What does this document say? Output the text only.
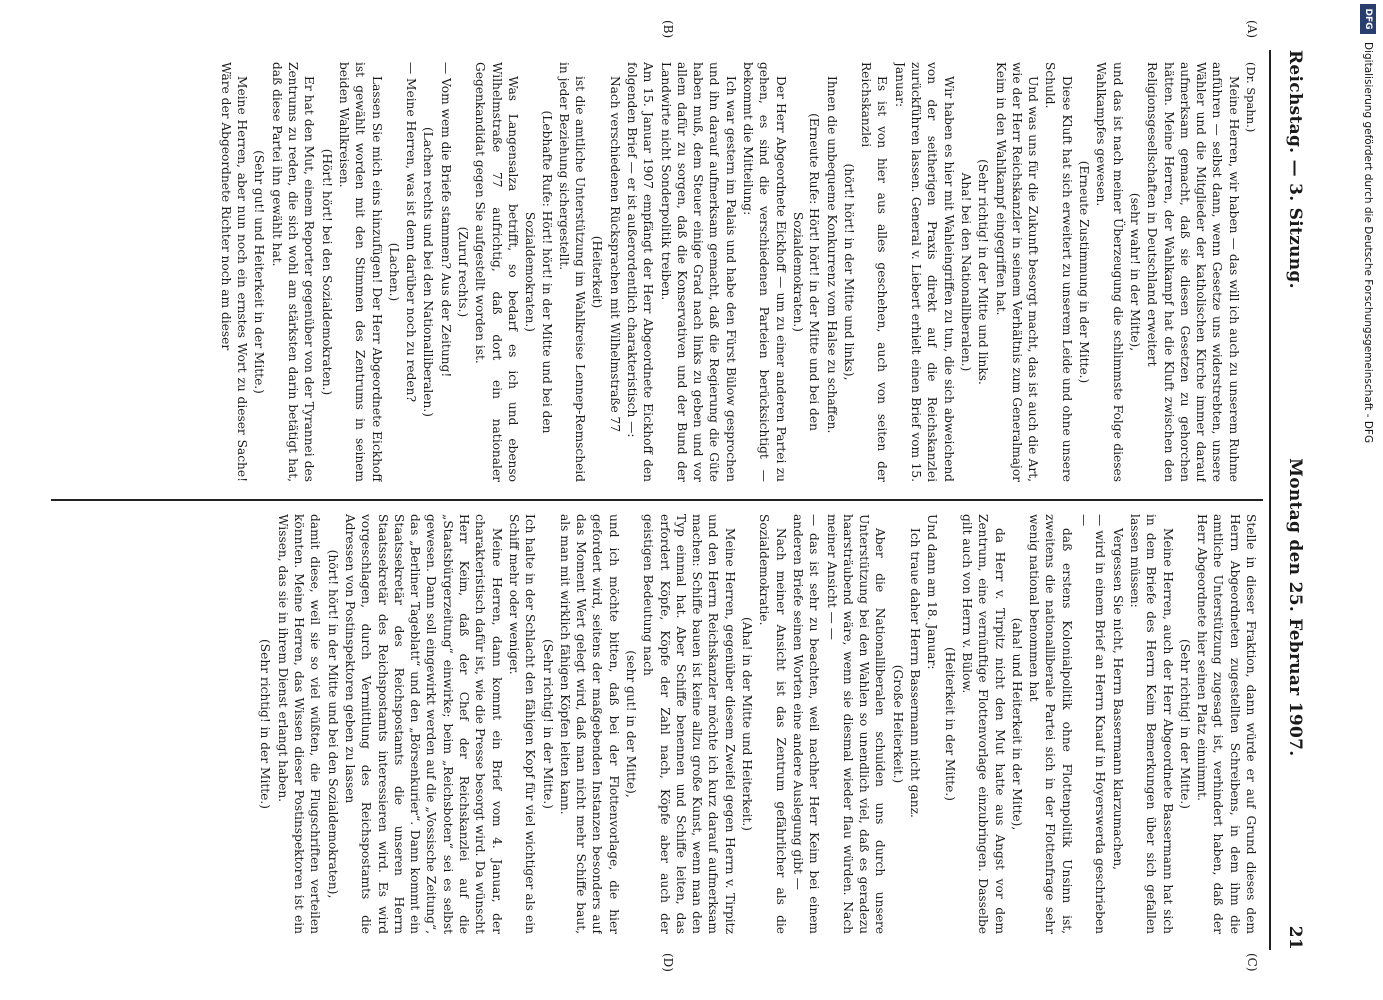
DFG
Digitalisierung gefördert durch die Deutsche Forschungsgemeinschaft - DFG
Reichstag. — 3. Sitzung.
Montag den 25. Februar 1907.
21
(A)
(B)
(C)
(D)

(Dr. Spahn.)

Meine Herren, wir haben — das will ich auch zu unserem Ruhme anführen — selbst dann, wenn Gesetze uns widerstrebten, unsere Wähler und die Mitglieder der katholischen Kirche immer darauf aufmerksam gemacht, daß sie diesen Gesetzen zu gehorchen hätten. Meine Herren, der Wahlkampf hat die Kluft zwischen den Religionsgesellschaften in Deutschland erweitert

(sehr wahr! in der Mitte),

und das ist nach meiner Überzeugung die schlimmste Folge dieses Wahlkampfes gewesen.

(Erneute Zustimmung in der Mitte.)

Diese Kluft hat sich erweitert zu unserem Leide und ohne unsere Schuld.

Und was uns für die Zukunft besorgt macht, das ist auch die Art, wie der Herr Reichskanzler in seinem Verhältnis zum Generalmajor Keim in den Wahlkampf eingegriffen hat.

(Sehr richtig! in der Mitte und links.

Aha! bei den Nationalliberalen.)

Wir haben es hier mit Wahleingriffen zu tun, die sich abweichend von der seitherigen Praxis direkt auf die Reichskanzlei zurückführen lassen. General v. Liebert erhielt einen Brief vom 15. Januar:

Es ist von hier aus alles geschehen, auch von seiten der Reichskanzlei

(hört! hört! in der Mitte und links),

Ihnen die unbequeme Konkurrenz vom Halse zu schaffen.

(Erneute Rufe: Hört! hört! in der Mitte und bei den Sozialdemokraten.)

Der Herr Abgeordnete Eickhoff — um zu einer anderen Partei zu gehen, es sind die verschiedenen Parteien berücksichtigt — bekommt die Mitteilung:

Ich war gestern im Palais und habe den Fürst Bülow gesprochen und ihn darauf aufmerksam gemacht, daß die Regierung die Güte haben muß, dem Steuer einige Grad nach links zu geben und vor allem dafür zu sorgen, daß die Konservativen und der Bund der Landwirte nicht Sonderpolitik treiben.

Am 15. Januar 1907 empfängt der Herr Abgeordnete Eickhoff den folgenden Brief — er ist außerordentlich charakteristisch —:

Nach verschiedenen Rücksprachen mit Wilhelmstraße 77

(Heiterkeit)

ist die amtliche Unterstützung im Wahlkreise Lennep-Remscheid in jeder Beziehung sichergestellt.

(Lebhafte Rufe: Hört! hört! in der Mitte und bei den Sozialdemokraten.)

Was Langensalza betrifft, so bedarf es ich und ebenso Wilhelmstraße 77 aufrichtig, daß dort ein nationaler Gegenkandidat gegen Sie aufgestellt worden ist.

(Zuruf rechts.)

— Vom wem die Briefe stammen? Aus der Zeitung!

(Lachen rechts und bei den Nationalliberalen.)

— Meine Herren, was ist denn darüber noch zu reden?

(Lachen.)

Lassen Sie mich eins hinzufügen! Der Herr Abgeordnete Eickhoff ist gewählt worden mit den Stimmen des Zentrums in seinem beiden Wahlkreisen.

(Hört! hört! bei den Sozialdemokraten.)

Er hat den Mut, einem Reporter gegenüber von der Tyrannei des Zentrums zu reden, die sich wohl am stärksten darin betätigt hat, daß diese Partei ihn gewählt hat.

(Sehr gut! und Heiterkeit in der Mitte.)

Meine Herren, aber nun noch ein ernstes Wort zu dieser Sache! Wäre der Abgeordnete Richter noch am dieser

Stelle in dieser Fraktion, dann würde er auf Grund dieses dem Herrn Abgeordneten zugestellten Schreibens, in dem ihm die amtliche Unterstützung zugesagt ist, verhindert haben, daß der Herr Abgeordnete hier seinen Platz einnimmt.

(Sehr richtig! in der Mitte.)

Meine Herren, auch der Herr Abgeordnete Bassermann hat sich in dem Briefe des Herrn Keim Bemerkungen über sich gefallen lassen müssen:

Vergessen Sie nicht, Herrn Bassermann klarzumachen,

— wird in einem Brief an Herrn Knauf in Hoyerswerda geschrieben —

daß erstens Kolonialpolitik ohne Flottenpolitik Unsinn ist, zweitens die nationalliberale Partei sich in der Flottenfrage sehr wenig national benommen hat

(aha! und Heiterkeit in der Mitte),

da Herr v. Tirpitz nicht den Mut hatte aus Angst vor dem Zentrum, eine vernünftige Flottenvorlage einzubringen. Dasselbe gilt auch von Herrn v. Bülow.

(Heiterkeit in der Mitte.)

Und dann am 18. Januar:

Ich traue daher Herrn Bassermann nicht ganz.

(Große Heiterkeit.)

Aber die Nationalliberalen schuiden uns durch unsere Unterstützung bei den Wahlen so unendlich viel, daß es geradezu haarsträubend wäre, wenn sie diesmal wieder flau würden. Nach meiner Ansicht — —

— das ist sehr zu beachten, weil nachher Herr Keim bei einem anderen Briefe seinen Worten eine andere Auslegung gibt —

Nach meiner Ansicht ist das Zentrum gefährlicher als die Sozialdemokratie.

(Aha! in der Mitte und Heiterkeit.)

Meine Herren, gegenüber diesem Zweifel gegen Herrn v. Tirpitz und den Herrn Reichskanzler möchte ich kurz darauf aufmerksam machen: Schiffe bauen ist keine allzu große Kunst, wenn man den Typ einmal hat. Aber Schiffe benennen und Schiffe leiten, das erfordert Köpfe, Köpfe der Zahl nach, Köpfe aber auch der geistigen Bedeutung nach

(sehr gut! in der Mitte),

und ich möchte bitten, daß bei der Flottenvorlage, die hier gefordert wird, seitens der maßgebenden Instanzen besonders auf das Moment Wert gelegt wird, daß man nicht mehr Schiffe baut, als man mit wirklich fähigen Köpfen leiten kann.

(Sehr richtig! in der Mitte.)

Ich halte in der Schlacht den fähigen Kopf für viel wichtiger als ein Schiff mehr oder weniger.

Meine Herren, dann kommt ein Brief vom 4. Januar, der charakteristisch dafür ist, wie die Presse besorgt wird. Da wünscht Herr Keim, daß der Chef der Reichskanzlei auf die „Staatsbürgerzeitung“ einwirke; beim „Reichsboten“ sei es selbst gewesen. Dann soll eingewirkt werden auf die „Vossische Zeitung“, das „Berliner Tageblatt“ und den „Börsenkurier“. Dann kommt ein Staatssekretär des Reichspostamts die unseren Herrn Staatssekretär des Reichspostamts interessieren wird. Es wird vorgeschlagen, durch Vermittlung des Reichspostamts die Adressen von Postinspektoren geben zu lassen

(hört! hört! in der Mitte und bei den Sozialdemokraten),

damit diese, weil sie so viel wüßten, die Flugschriften verteilen könnten. Meine Herren, das Wissen dieser Postinspektoren ist ein Wissen, das sie in ihrem Dienst erlangt haben.

(Sehr richtig! in der Mitte.)
